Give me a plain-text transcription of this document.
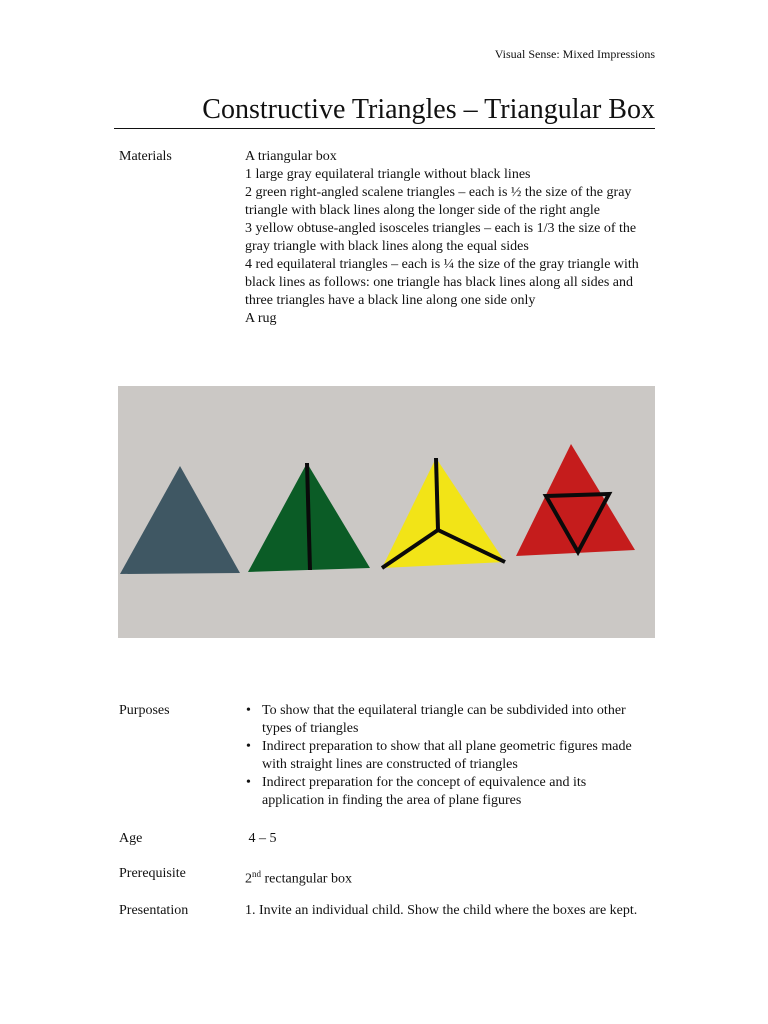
Visual Sense: Mixed Impressions
Constructive Triangles – Triangular Box
Materials	A triangular box
1 large gray equilateral triangle without black lines
2 green right-angled scalene triangles – each is ½ the size of the gray
triangle with black lines along the longer side of the right angle
3 yellow obtuse-angled isosceles triangles – each is 1/3 the size of the
gray triangle with black lines along the equal sides
4 red equilateral triangles – each is ¼ the size of the gray triangle with
black lines as follows: one triangle has black lines along all sides and
three triangles have a black line along one side only
A rug
Purposes	• To show that the equilateral triangle can be subdivided into other
types of triangles
• Indirect preparation to show that all plane geometric figures made
with straight lines are constructed of triangles
• Indirect preparation for the concept of equivalence and its
application in finding the area of plane figures
Age	4 – 5
Prerequisite	2nd rectangular box
Presentation	1. Invite an individual child. Show the child where the boxes are kept.
